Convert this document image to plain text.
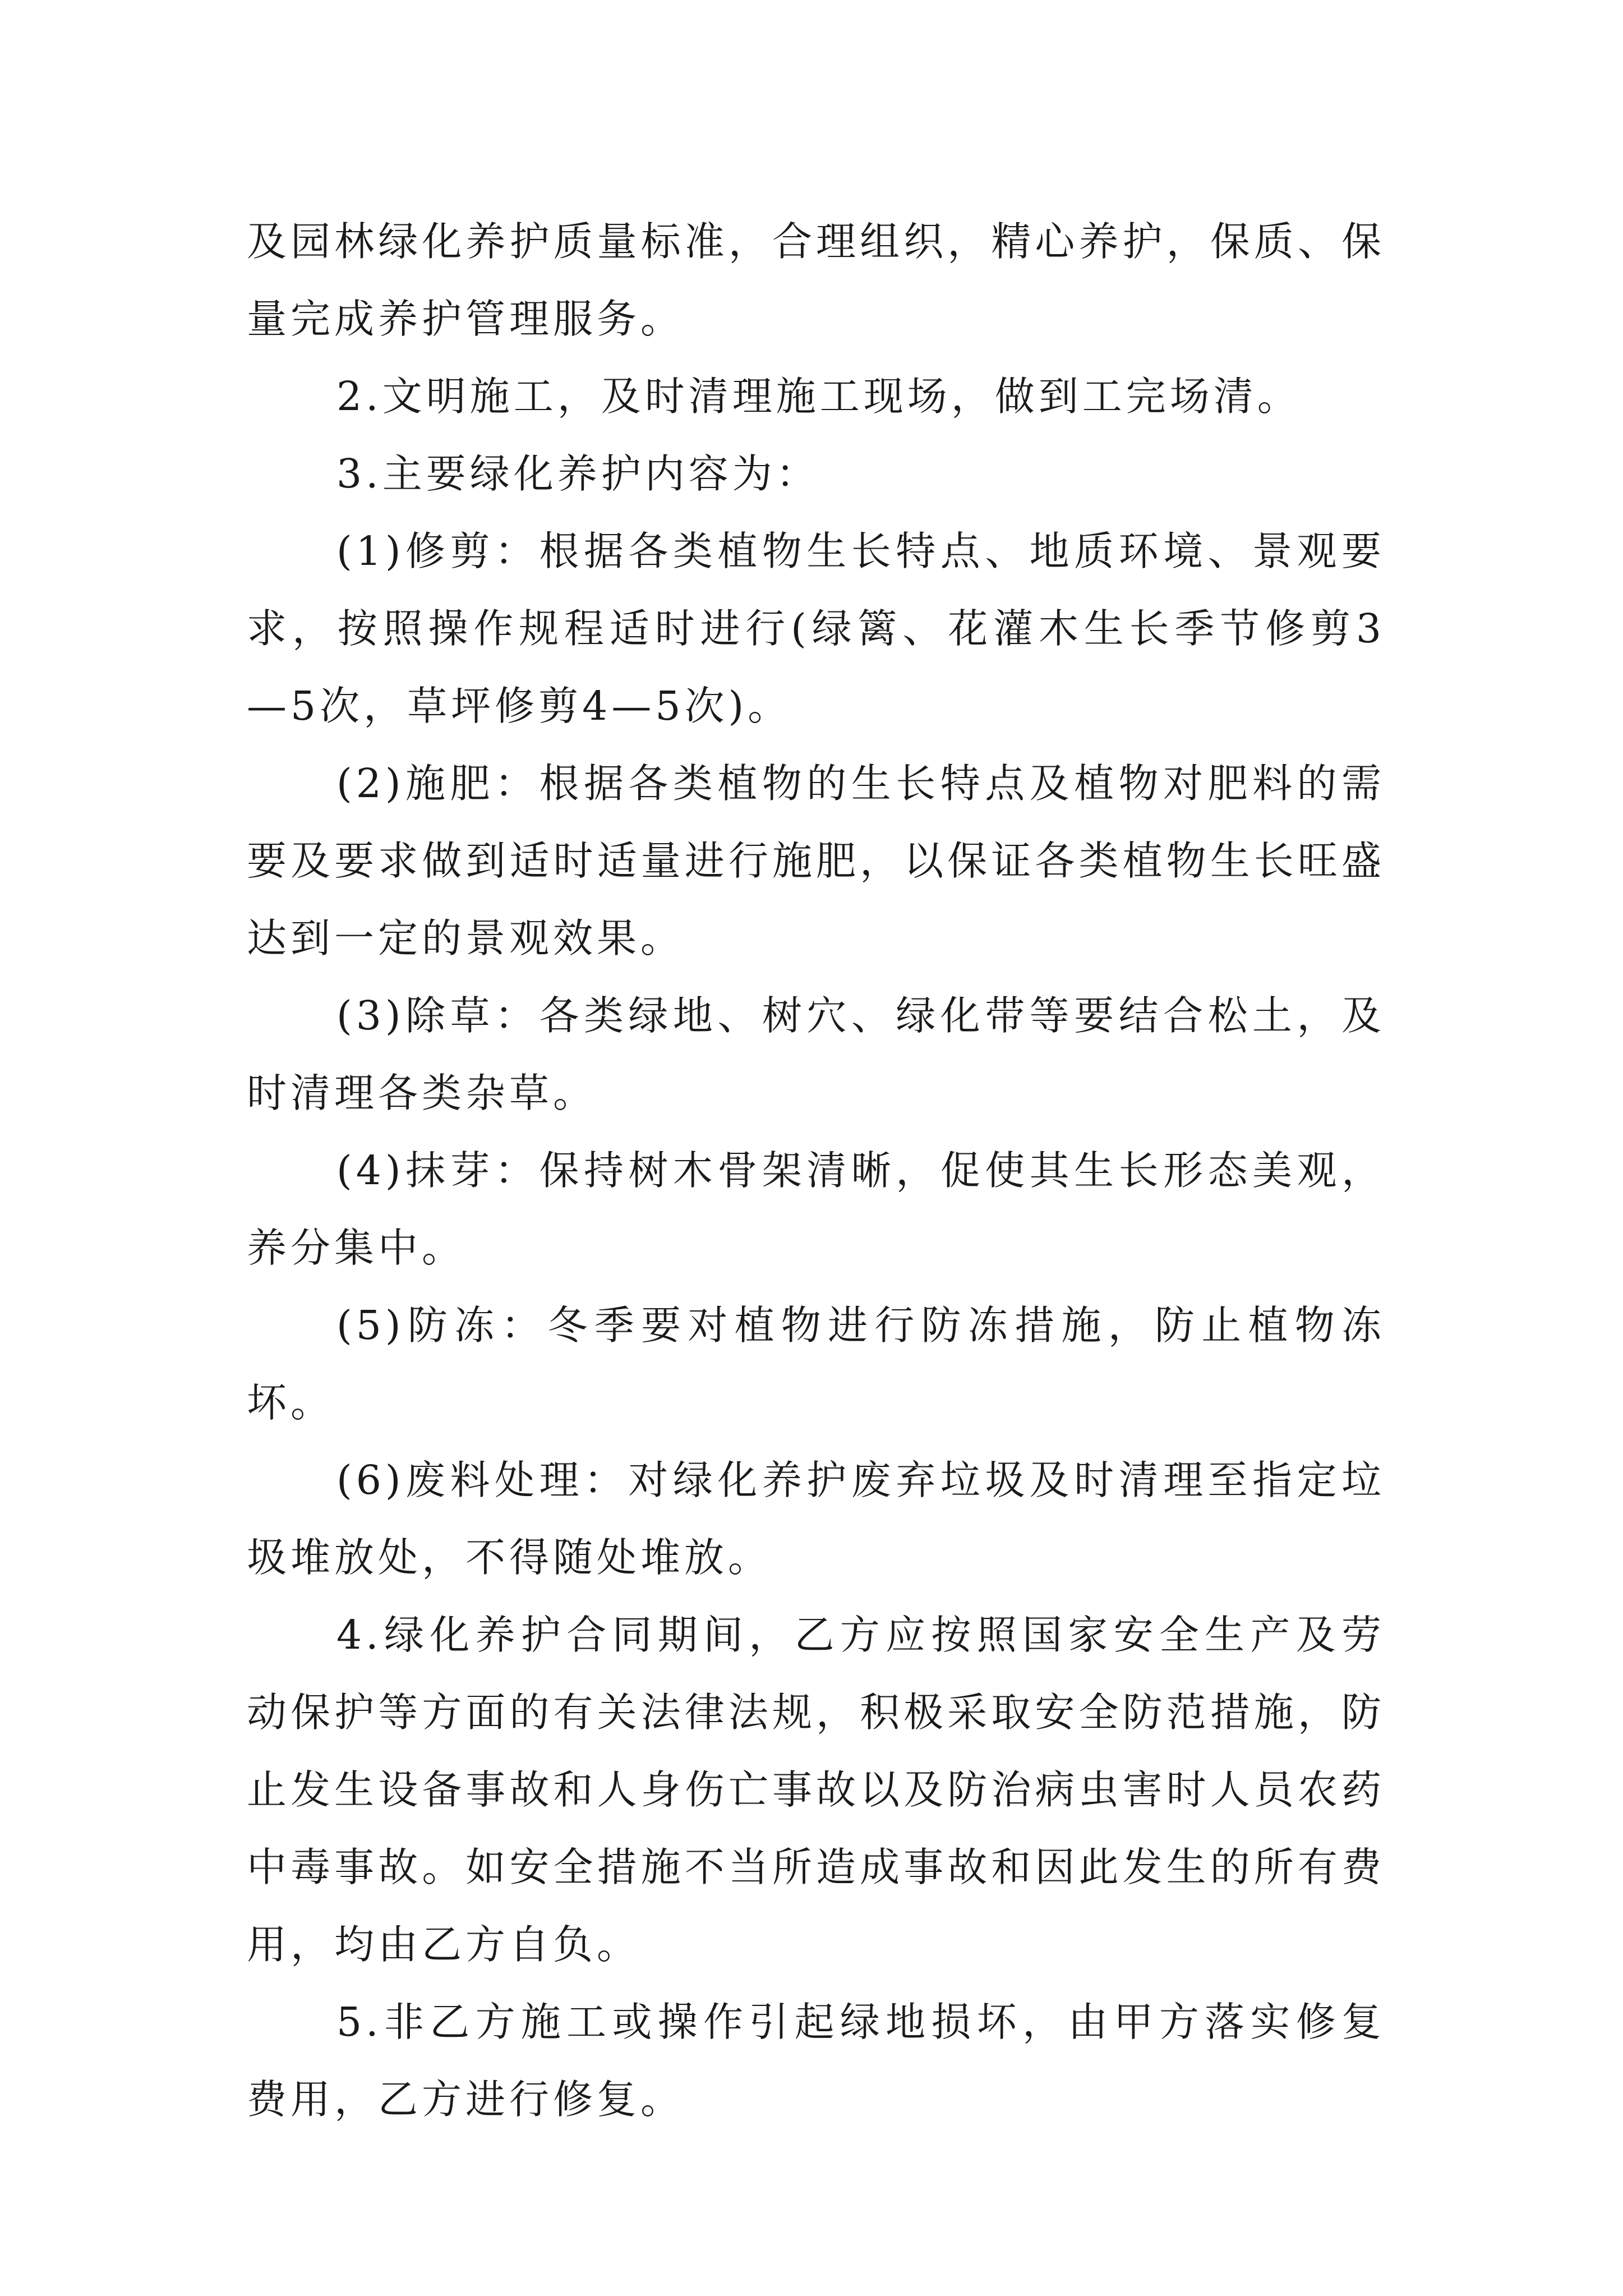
及园林绿化养护质量标准，合理组织，精心养护，保质、保量完成养护管理服务。

2.文明施工，及时清理施工现场，做到工完场清。

3.主要绿化养护内容为：

(1)修剪：根据各类植物生长特点、地质环境、景观要求，按照操作规程适时进行(绿篱、花灌木生长季节修剪3—5次，草坪修剪4—5次)。

(2)施肥：根据各类植物的生长特点及植物对肥料的需要及要求做到适时适量进行施肥，以保证各类植物生长旺盛达到一定的景观效果。

(3)除草：各类绿地、树穴、绿化带等要结合松土，及时清理各类杂草。

(4)抹芽：保持树木骨架清晰，促使其生长形态美观，养分集中。

(5)防冻：冬季要对植物进行防冻措施，防止植物冻坏。

(6)废料处理：对绿化养护废弃垃圾及时清理至指定垃圾堆放处，不得随处堆放。

4.绿化养护合同期间，乙方应按照国家安全生产及劳动保护等方面的有关法律法规，积极采取安全防范措施，防止发生设备事故和人身伤亡事故以及防治病虫害时人员农药中毒事故。如安全措施不当所造成事故和因此发生的所有费用，均由乙方自负。

5.非乙方施工或操作引起绿地损坏，由甲方落实修复费用，乙方进行修复。
